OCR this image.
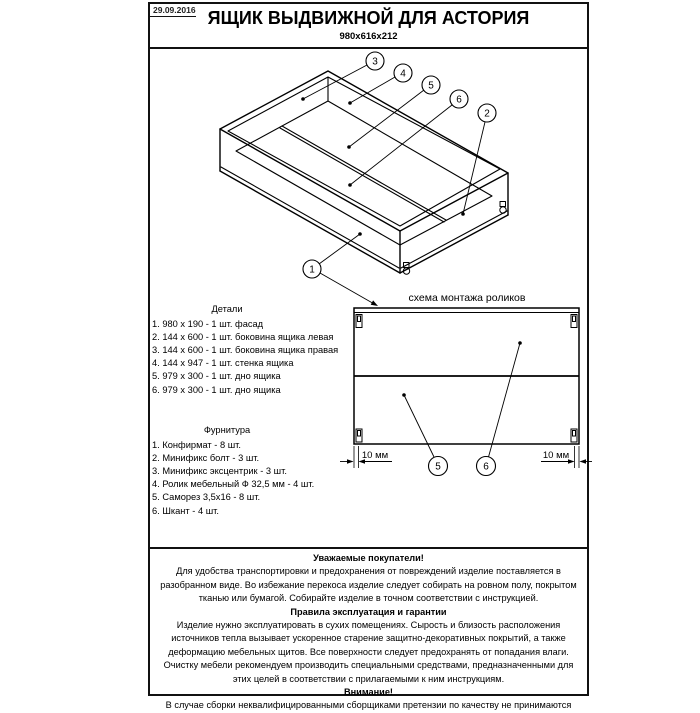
29.09.2016 ЯЩИК ВЫДВИЖНОЙ ДЛЯ АСТОРИЯ
980х616х212
1
2
3
4
5
6
схема монтажа роликов
10 мм	10 мм
5	6
Детали
1. 980 x 190 - 1 шт. фасад
2. 144 x 600 - 1 шт. боковина ящика левая
3. 144 x 600 - 1 шт. боковина ящика правая
4. 144 x 947 - 1 шт. стенка ящика
5. 979 x 300 - 1 шт. дно ящика
6. 979 x 300 - 1 шт. дно ящика
Фурнитура
1. Конфирмат - 8 шт.
2. Минификс болт - 3 шт.
3. Минификс эксцентрик - 3 шт.
4. Ролик мебельный Ф 32,5 мм - 4 шт.
5. Саморез 3,5х16 - 8 шт.
6. Шкант - 4 шт.
Уважаемые покупатели!
Для удобства транспортировки и предохранения от повреждений изделие поставляется в разобранном виде. Во избежание перекоса изделие следует собирать на ровном полу, покрытом тканью или бумагой. Собирайте изделие в точном соответствии с инструкцией.
Правила эксплуатация и гарантии
Изделие нужно эксплуатировать в сухих помещениях. Сырость и близость расположения источников тепла вызывает ускоренное старение защитно-декоративных покрытий, а также деформацию мебельных щитов. Все поверхности следует предохранять от попадания влаги. Очистку мебели рекомендуем производить специальными средствами, предназначенными для этих целей в соответствии с прилагаемыми к ним инструкциям.
Внимание!
В случае сборки неквалифицированными сборщиками претензии по качеству не принимаются
